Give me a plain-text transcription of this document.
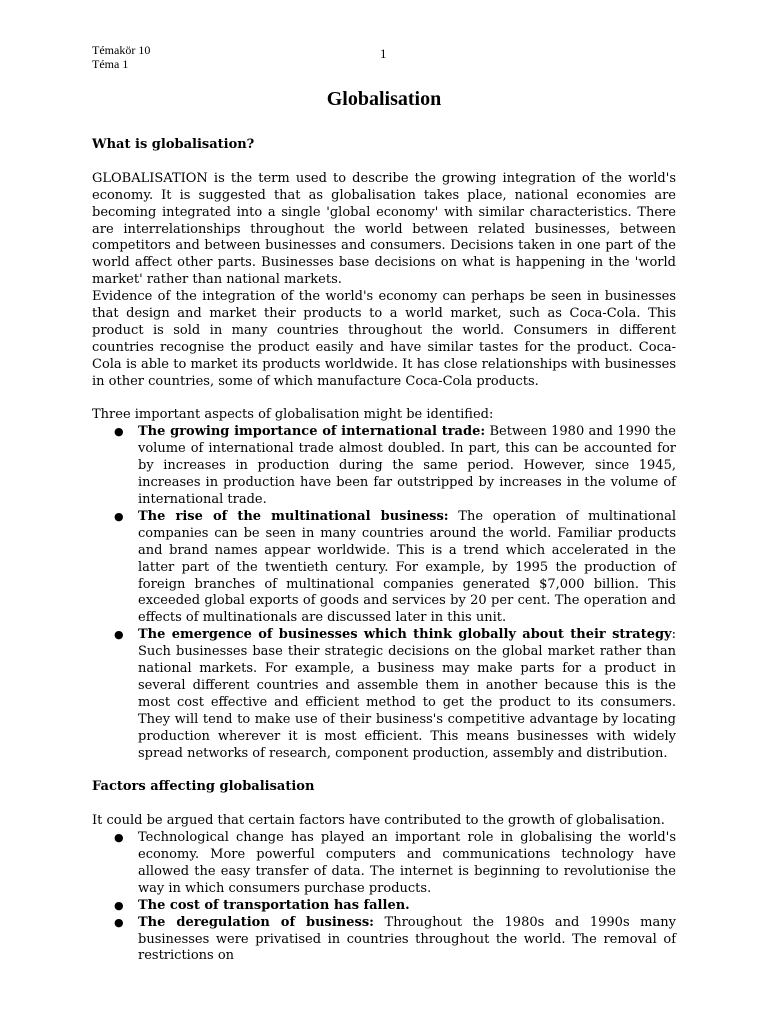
Témakör 10
Téma 1
1
Globalisation
What is globalisation?

GLOBALISATION is the term used to describe the growing integration of the world's economy. It is suggested that as globalisation takes place, national economies are becoming integrated into a single 'global economy' with similar characteristics. There are interrelationships throughout the world between related businesses, between competitors and between businesses and consumers. Decisions taken in one part of the world affect other parts. Businesses base decisions on what is happening in the 'world market' rather than national markets.

Evidence of the integration of the world's economy can perhaps be seen in businesses that design and market their products to a world market, such as Coca-Cola. This product is sold in many countries throughout the world. Consumers in different countries recognise the product easily and have similar tastes for the product. Coca-Cola is able to market its products worldwide. It has close relationships with businesses in other countries, some of which manufacture Coca-Cola products.

Three important aspects of globalisation might be identified:

● The growing importance of international trade: Between 1980 and 1990 the volume of international trade almost doubled. In part, this can be accounted for by increases in production during the same period. However, since 1945, increases in production have been far outstripped by increases in the volume of international trade.
● The rise of the multinational business: The operation of multinational companies can be seen in many countries around the world. Familiar products and brand names appear worldwide. This is a trend which accelerated in the latter part of the twentieth century. For example, by 1995 the production of foreign branches of multinational companies generated $7,000 billion. This exceeded global exports of goods and services by 20 per cent. The operation and effects of multinationals are discussed later in this unit.
● The emergence of businesses which think globally about their strategy: Such businesses base their strategic decisions on the global market rather than national markets. For example, a business may make parts for a product in several different countries and assemble them in another because this is the most cost effective and efficient method to get the product to its consumers. They will tend to make use of their business's competitive advantage by locating production wherever it is most efficient. This means businesses with widely spread networks of research, component production, assembly and distribution.
Factors affecting globalisation

It could be argued that certain factors have contributed to the growth of globalisation.

● Technological change has played an important role in globalising the world's economy. More powerful computers and communications technology have allowed the easy transfer of data. The internet is beginning to revolutionise the way in which consumers purchase products.
● The cost of transportation has fallen.
● The deregulation of business: Throughout the 1980s and 1990s many businesses were privatised in countries throughout the world. The removal of restrictions on
